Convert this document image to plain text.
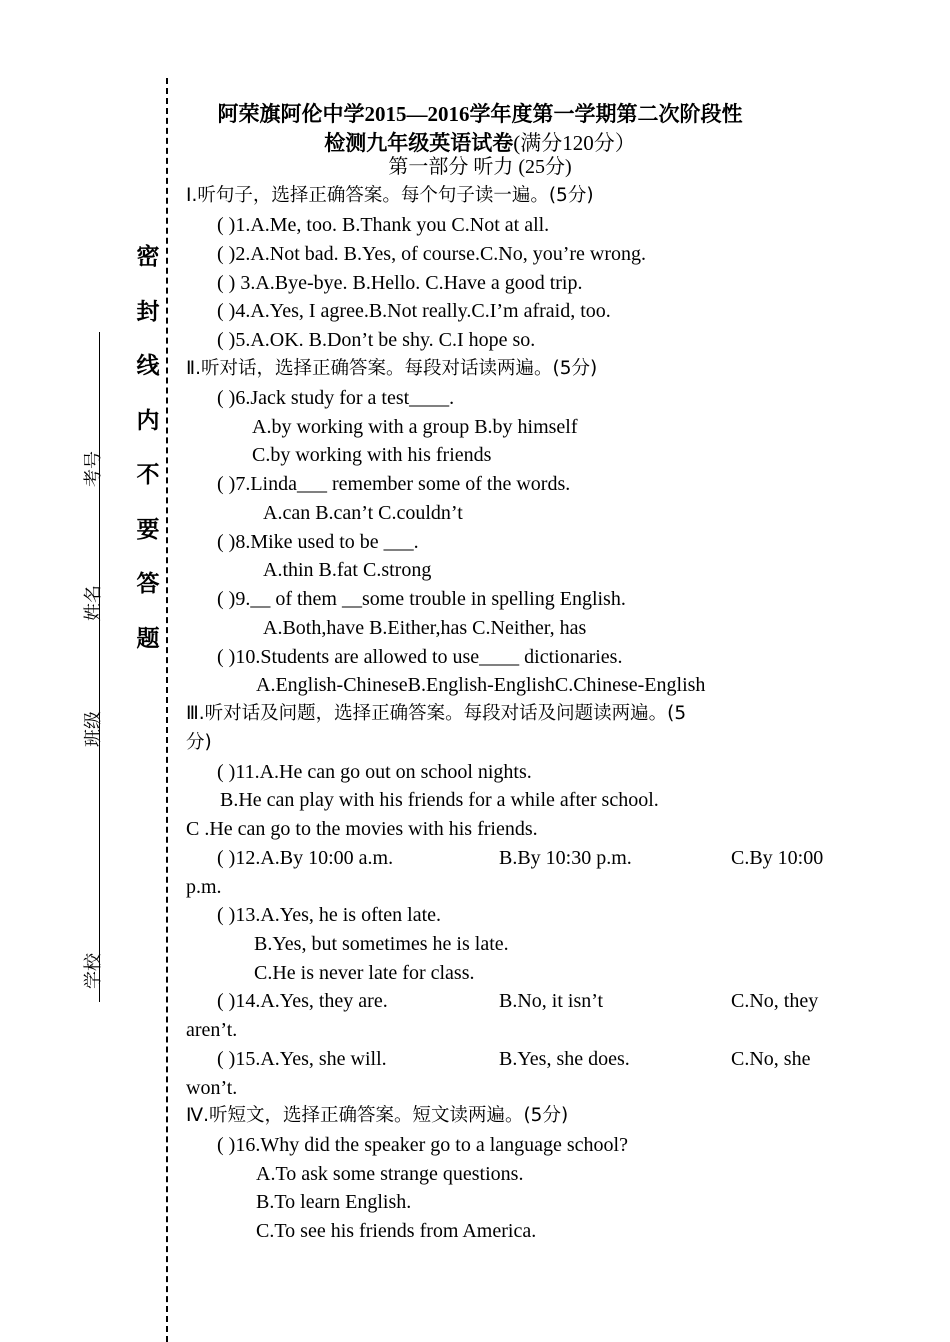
密
封
线
内
不
要
答
题
考号
姓名
班级
学校
阿荣旗阿伦中学2015—2016学年度第一学期第二次阶段性
检测九年级英语试卷(满分120分）
第一部分 听力 (25分)
Ⅰ.听句子，选择正确答案。每个句子读一遍。(5分)
( )1.A.Me, too. B.Thank you C.Not at all.
( )2.A.Not bad. B.Yes, of course.C.No, you’re wrong.
( ) 3.A.Bye-bye. B.Hello. C.Have a good trip.
( )4.A.Yes, I agree.B.Not really.C.I’m afraid, too.
( )5.A.OK. B.Don’t be shy. C.I hope so.
Ⅱ.听对话，选择正确答案。每段对话读两遍。(5分)
( )6.Jack study for a test____.
A.by working with a group B.by himself
C.by working with his friends
( )7.Linda___ remember some of the words.
A.can B.can’t C.couldn’t
( )8.Mike used to be ___.
A.thin B.fat C.strong
( )9.__ of them __some trouble in spelling English.
A.Both,have B.Either,has C.Neither, has
( )10.Students are allowed to use____ dictionaries.
A.English-ChineseB.English-EnglishC.Chinese-English
Ⅲ.听对话及问题，选择正确答案。每段对话及问题读两遍。(5
分)
( )11.A.He can go out on school nights.
B.He can play with his friends for a while after school.
C .He can go to the movies with his friends.
( )12.A.By 10:00 a.m.	B.By 10:30 p.m.	C.By 10:00
p.m.
( )13.A.Yes, he is often late.
B.Yes, but sometimes he is late.
C.He is never late for class.
( )14.A.Yes, they are.	B.No, it isn’t	C.No, they
aren’t.
( )15.A.Yes, she will.	B.Yes, she does.	C.No, she
won’t.
Ⅳ.听短文，选择正确答案。短文读两遍。(5分)
( )16.Why did the speaker go to a language school?
A.To ask some strange questions.
B.To learn English.
C.To see his friends from America.
